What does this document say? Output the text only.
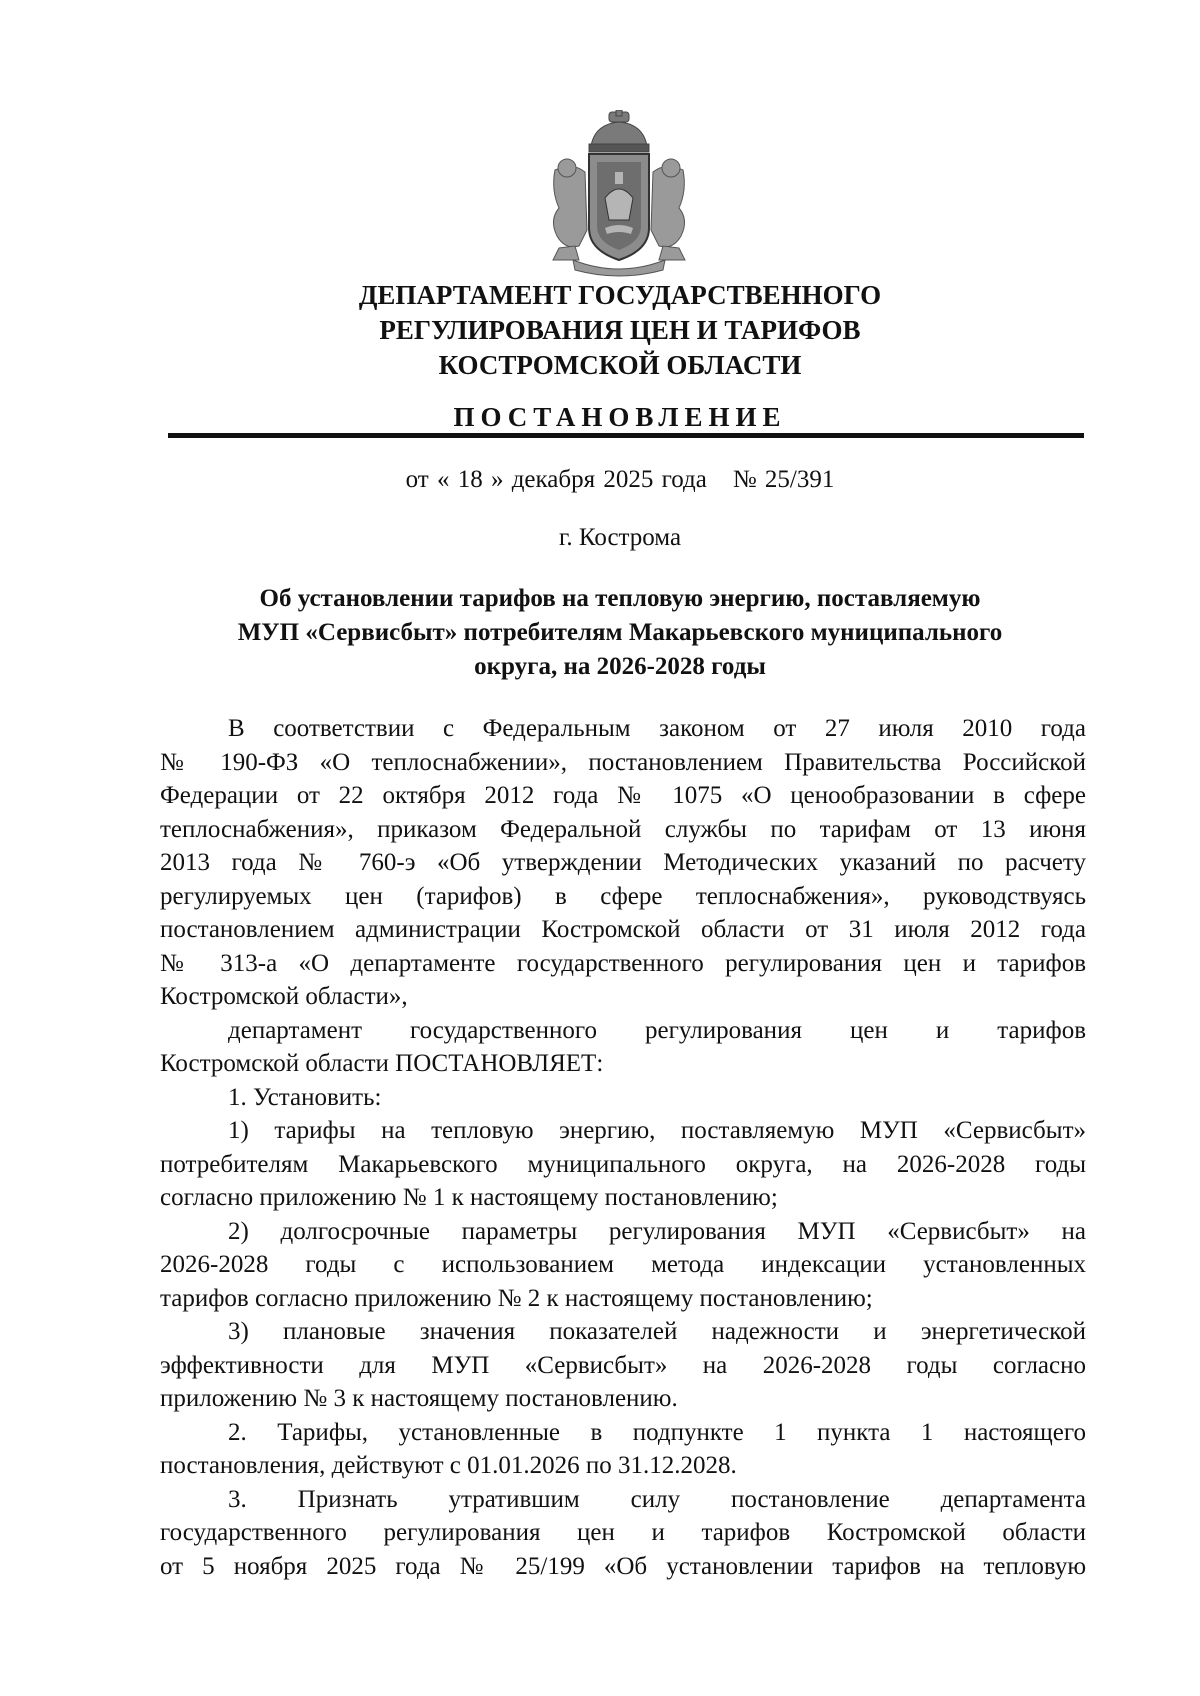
ДЕПАРТАМЕНТ ГОСУДАРСТВЕННОГО
РЕГУЛИРОВАНИЯ ЦЕН И ТАРИФОВ
КОСТРОМСКОЙ ОБЛАСТИ
ПОСТАНОВЛЕНИЕ
от « 18 » декабря 2025 года № 25/391
г. Кострома
Об установлении тарифов на тепловую энергию, поставляемую
МУП «Сервисбыт» потребителям Макарьевского муниципального
округа, на 2026-2028 годы
В соответствии с Федеральным законом от 27 июля 2010 года
№ 190-ФЗ «О теплоснабжении», постановлением Правительства Российской
Федерации от 22 октября 2012 года № 1075 «О ценообразовании в сфере
теплоснабжения», приказом Федеральной службы по тарифам от 13 июня
2013 года № 760-э «Об утверждении Методических указаний по расчету
регулируемых цен (тарифов) в сфере теплоснабжения», руководствуясь
постановлением администрации Костромской области от 31 июля 2012 года
№ 313-а «О департаменте государственного регулирования цен и тарифов
Костромской области»,
департамент государственного регулирования цен и тарифов
Костромской области ПОСТАНОВЛЯЕТ:
1. Установить:
1) тарифы на тепловую энергию, поставляемую МУП «Сервисбыт»
потребителям Макарьевского муниципального округа, на 2026-2028 годы
согласно приложению № 1 к настоящему постановлению;
2) долгосрочные параметры регулирования МУП «Сервисбыт» на
2026-2028 годы с использованием метода индексации установленных
тарифов согласно приложению № 2 к настоящему постановлению;
3) плановые значения показателей надежности и энергетической
эффективности для МУП «Сервисбыт» на 2026-2028 годы согласно
приложению № 3 к настоящему постановлению.
2. Тарифы, установленные в подпункте 1 пункта 1 настоящего
постановления, действуют с 01.01.2026 по 31.12.2028.
3. Признать утратившим силу постановление департамента
государственного регулирования цен и тарифов Костромской области
от 5 ноября 2025 года № 25/199 «Об установлении тарифов на тепловую
